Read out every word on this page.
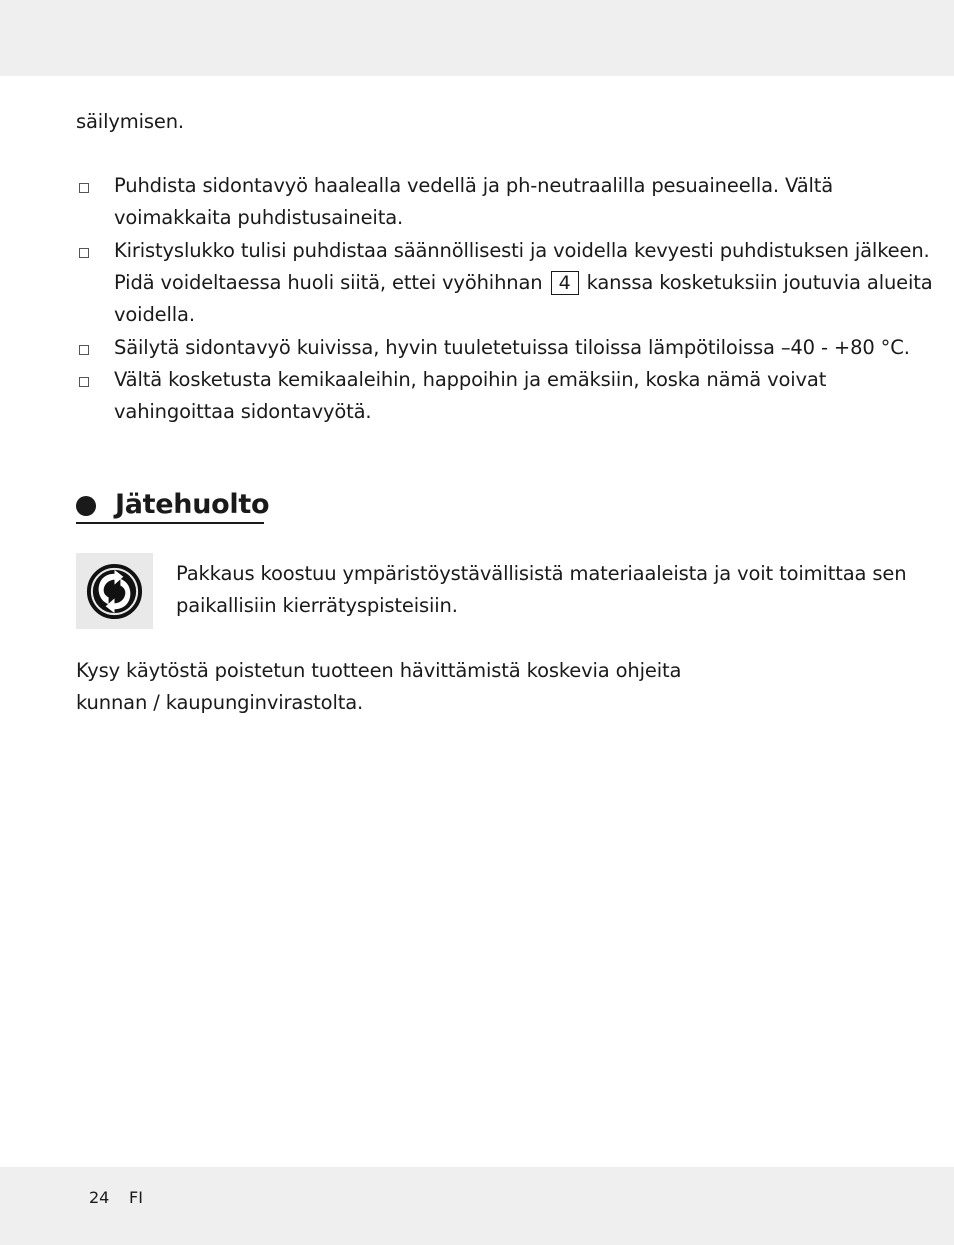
säilymisen.
Puhdista sidontavyö haalealla vedellä ja ph-neutraalilla pesuaineella. Vältä
voimakkaita puhdistusaineita.
Kiristyslukko tulisi puhdistaa säännöllisesti ja voidella kevyesti puhdistuksen jälkeen.
Pidä voideltaessa huoli siitä, ettei vyöhihnan 4 kanssa kosketuksiin joutuvia alueita
voidella.
Säilytä sidontavyö kuivissa, hyvin tuuletetuissa tiloissa lämpötiloissa –40 - +80 °C.
Vältä kosketusta kemikaaleihin, happoihin ja emäksiin, koska nämä voivat
vahingoittaa sidontavyötä.
Jätehuolto
Pakkaus koostuu ympäristöystävällisistä materiaaleista ja voit toimittaa sen
paikallisiin kierrätyspisteisiin.
Kysy käytöstä poistetun tuotteen hävittämistä koskevia ohjeita
kunnan / kaupunginvirastolta.
24 FI
